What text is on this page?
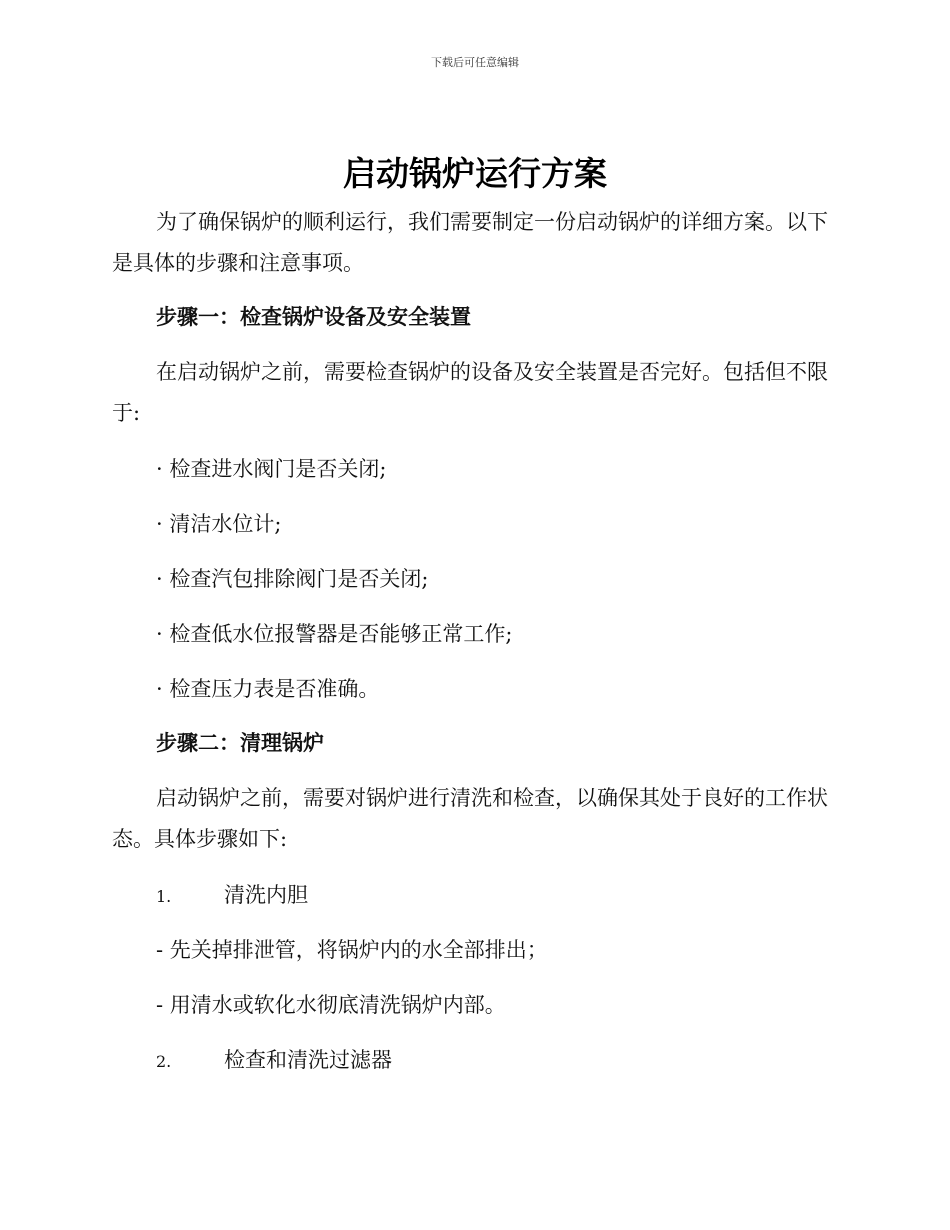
下载后可任意编辑
启动锅炉运行方案

为了确保锅炉的顺利运行，我们需要制定一份启动锅炉的详细方案。以下是具体的步骤和注意事项。

步骤一：检查锅炉设备及安全装置

在启动锅炉之前，需要检查锅炉的设备及安全装置是否完好。包括但不限于:

· 检查进水阀门是否关闭;

· 清洁水位计;

· 检查汽包排除阀门是否关闭;

· 检查低水位报警器是否能够正常工作;

· 检查压力表是否准确。

步骤二：清理锅炉

启动锅炉之前，需要对锅炉进行清洗和检查，以确保其处于良好的工作状态。具体步骤如下:

1.	清洗内胆

- 先关掉排泄管，将锅炉内的水全部排出；

- 用清水或软化水彻底清洗锅炉内部。

2.	检查和清洗过滤器
